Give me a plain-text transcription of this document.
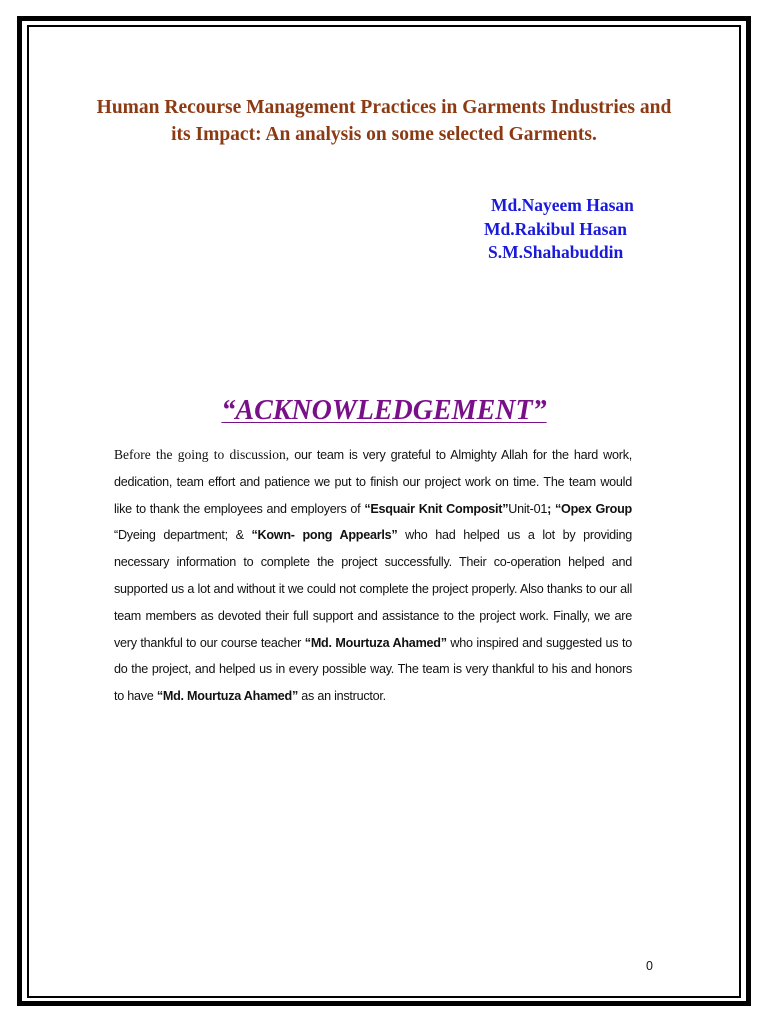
Human Recourse Management Practices in Garments Industries and its Impact: An analysis on some selected Garments.
Md.Nayeem Hasan
Md.Rakibul Hasan
S.M.Shahabuddin
“ACKNOWLEDGEMENT”

Before the going to discussion, our team is very grateful to Almighty Allah for the hard work, dedication, team effort and patience we put to finish our project work on time. The team would like to thank the employees and employers of “Esquair Knit Composit”Unit-01; “Opex Group “Dyeing department; & “Kown- pong Appearls” who had helped us a lot by providing necessary information to complete the project successfully. Their co-operation helped and supported us a lot and without it we could not complete the project properly. Also thanks to our all team members as devoted their full support and assistance to the project work. Finally, we are very thankful to our course teacher “Md. Mourtuza Ahamed” who inspired and suggested us to do the project, and helped us in every possible way. The team is very thankful to his and honors to have “Md. Mourtuza Ahamed” as an instructor.

0
